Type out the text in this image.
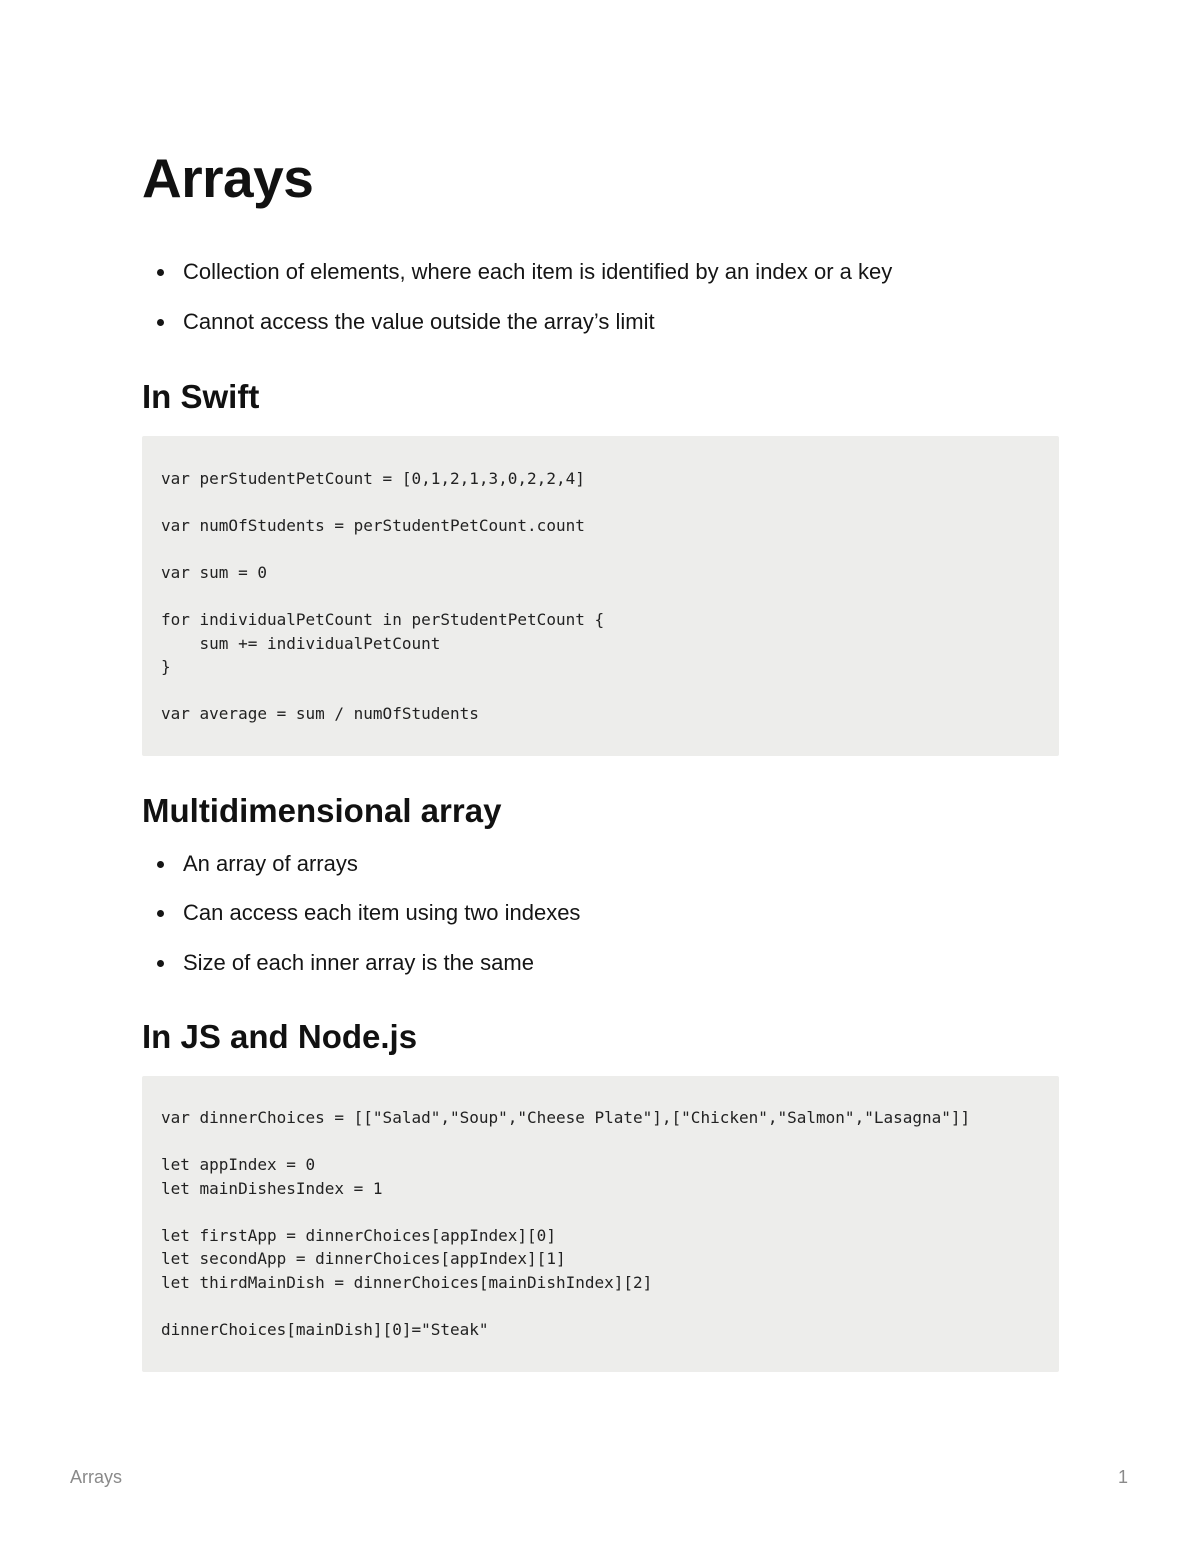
Arrays
Collection of elements, where each item is identified by an index or a key
Cannot access the value outside the array’s limit
In Swift
var perStudentPetCount = [0,1,2,1,3,0,2,2,4]

var numOfStudents = perStudentPetCount.count

var sum = 0

for individualPetCount in perStudentPetCount {
sum += individualPetCount
}

var average = sum / numOfStudents
Multidimensional array
An array of arrays
Can access each item using two indexes
Size of each inner array is the same
In JS and Node.js
var dinnerChoices = [["Salad","Soup","Cheese Plate"],["Chicken","Salmon","Lasagna"]]

let appIndex = 0
let mainDishesIndex = 1

let firstApp = dinnerChoices[appIndex][0]
let secondApp = dinnerChoices[appIndex][1]
let thirdMainDish = dinnerChoices[mainDishIndex][2]

dinnerChoices[mainDish][0]="Steak"
Arrays	1
